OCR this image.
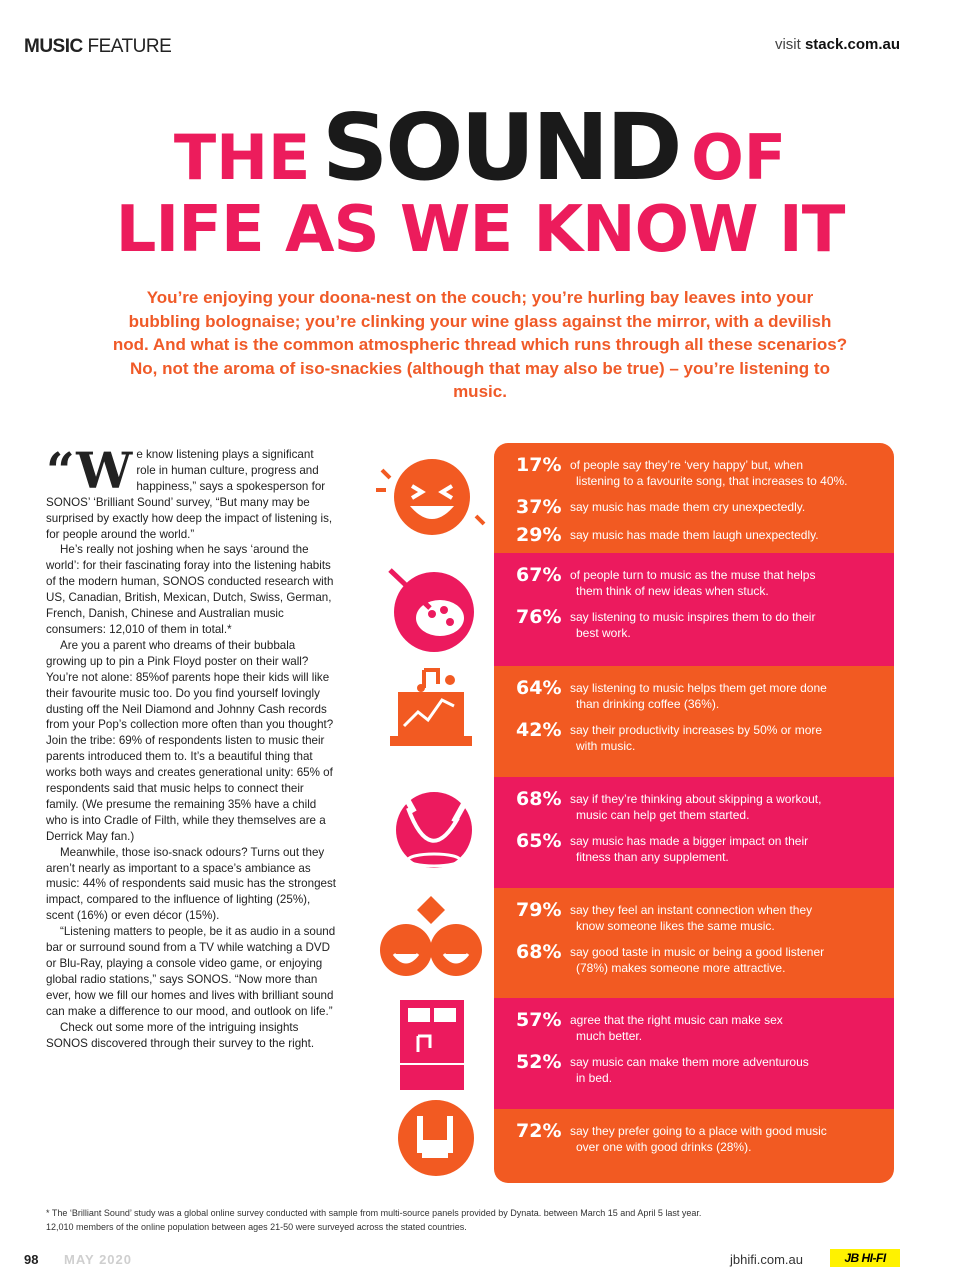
MUSIC FEATURE	visit stack.com.au
THE SOUND OF
LIFE AS WE KNOW IT
You’re enjoying your doona-nest on the couch; you’re hurling bay leaves into your bubbling bolognaise; you’re clinking your wine glass against the mirror, with a devilish nod. And what is the common atmospheric thread which runs through all these scenarios? No, not the aroma of iso-snackies (although that may also be true) – you’re listening to music.

“W e know listening plays a significant role in human culture, progress and happiness,” says a spokesperson for SONOS’ ‘Brilliant Sound’ survey, “But many may be surprised by exactly how deep the impact of listening is, for people around the world.”

He’s really not joshing when he says ‘around the world’: for their fascinating foray into the listening habits of the modern human, SONOS conducted research with US, Canadian, British, Mexican, Dutch, Swiss, German, French, Danish, Chinese and Australian music consumers: 12,010 of them in total.*

Are you a parent who dreams of their bubbala growing up to pin a Pink Floyd poster on their wall? You’re not alone: 85%of parents hope their kids will like their favourite music too. Do you find yourself lovingly dusting off the Neil Diamond and Johnny Cash records from your Pop’s collection more often than you thought? Join the tribe: 69% of respondents listen to music their parents introduced them to. It’s a beautiful thing that works both ways and creates generational unity: 65% of respondents said that music helps to connect their family. (We presume the remaining 35% have a child who is into Cradle of Filth, while they themselves are a Derrick May fan.)

Meanwhile, those iso-snack odours? Turns out they aren’t nearly as important to a space’s ambiance as music: 44% of respondents said music has the strongest impact, compared to the influence of lighting (25%), scent (16%) or even décor (15%).

“Listening matters to people, be it as audio in a sound bar or surround sound from a TV while watching a DVD or Blu-Ray, playing a console video game, or enjoying global radio stations,” says SONOS. “Now more than ever, how we fill our homes and lives with brilliant sound can make a difference to our mood, and outlook on life.”

Check out some more of the intriguing insights SONOS discovered through their survey to the right.

17% of people say they’re ‘very happy’ but, when
listening to a favourite song, that increases to 40%.
37% say music has made them cry unexpectedly.
29% say music has made them laugh unexpectedly.
67% of people turn to music as the muse that helps
them think of new ideas when stuck.
76% say listening to music inspires them to do their
best work.
64% say listening to music helps them get more done
than drinking coffee (36%).
42% say their productivity increases by 50% or more
with music.
68% say if they’re thinking about skipping a workout,
music can help get them started.
65% say music has made a bigger impact on their
fitness than any supplement.
79% say they feel an instant connection when they
know someone likes the same music.
68% say good taste in music or being a good listener
(78%) makes someone more attractive.
57% agree that the right music can make sex
much better.
52% say music can make them more adventurous
in bed.
72% say they prefer going to a place with good music
over one with good drinks (28%).
* The ‘Brilliant Sound’ study was a global online survey conducted with sample from multi-source panels provided by Dynata. between March 15 and April 5 last year.
12,010 members of the online population between ages 21-50 were surveyed across the stated countries.
98 MAY 2020	jbhifi.com.au	JB HI-FI
